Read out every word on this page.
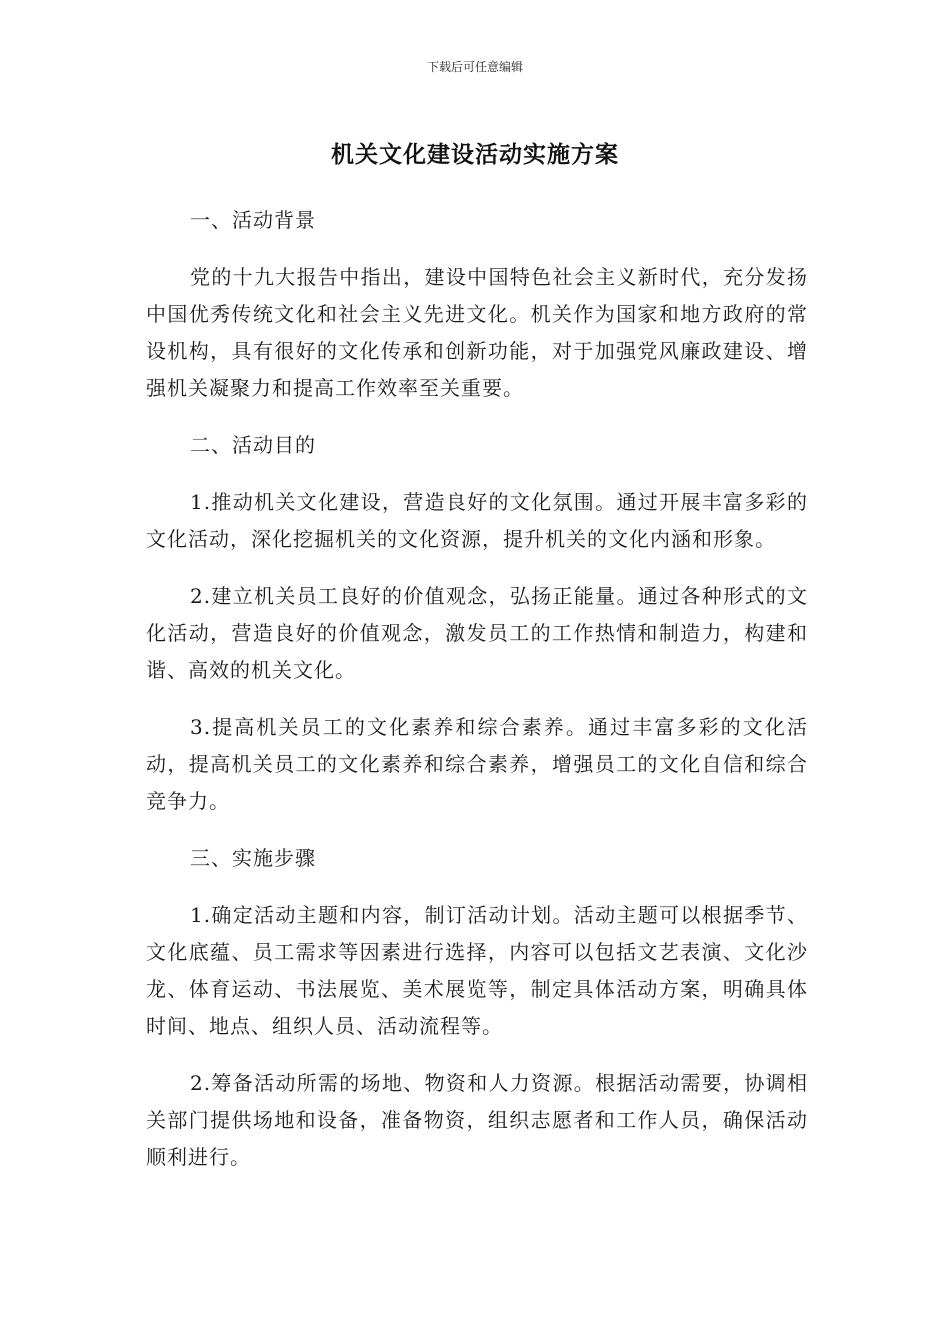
下载后可任意编辑
机关文化建设活动实施方案
一、活动背景

党的十九大报告中指出，建设中国特色社会主义新时代，充分发扬中国优秀传统文化和社会主义先进文化。机关作为国家和地方政府的常设机构，具有很好的文化传承和创新功能，对于加强党风廉政建设、增强机关凝聚力和提高工作效率至关重要。

二、活动目的

1.推动机关文化建设，营造良好的文化氛围。通过开展丰富多彩的文化活动，深化挖掘机关的文化资源，提升机关的文化内涵和形象。

2.建立机关员工良好的价值观念，弘扬正能量。通过各种形式的文化活动，营造良好的价值观念，激发员工的工作热情和制造力，构建和谐、高效的机关文化。

3.提高机关员工的文化素养和综合素养。通过丰富多彩的文化活动，提高机关员工的文化素养和综合素养，增强员工的文化自信和综合竞争力。

三、实施步骤

1.确定活动主题和内容，制订活动计划。活动主题可以根据季节、文化底蕴、员工需求等因素进行选择，内容可以包括文艺表演、文化沙龙、体育运动、书法展览、美术展览等，制定具体活动方案，明确具体时间、地点、组织人员、活动流程等。

2.筹备活动所需的场地、物资和人力资源。根据活动需要，协调相关部门提供场地和设备，准备物资，组织志愿者和工作人员，确保活动顺利进行。
